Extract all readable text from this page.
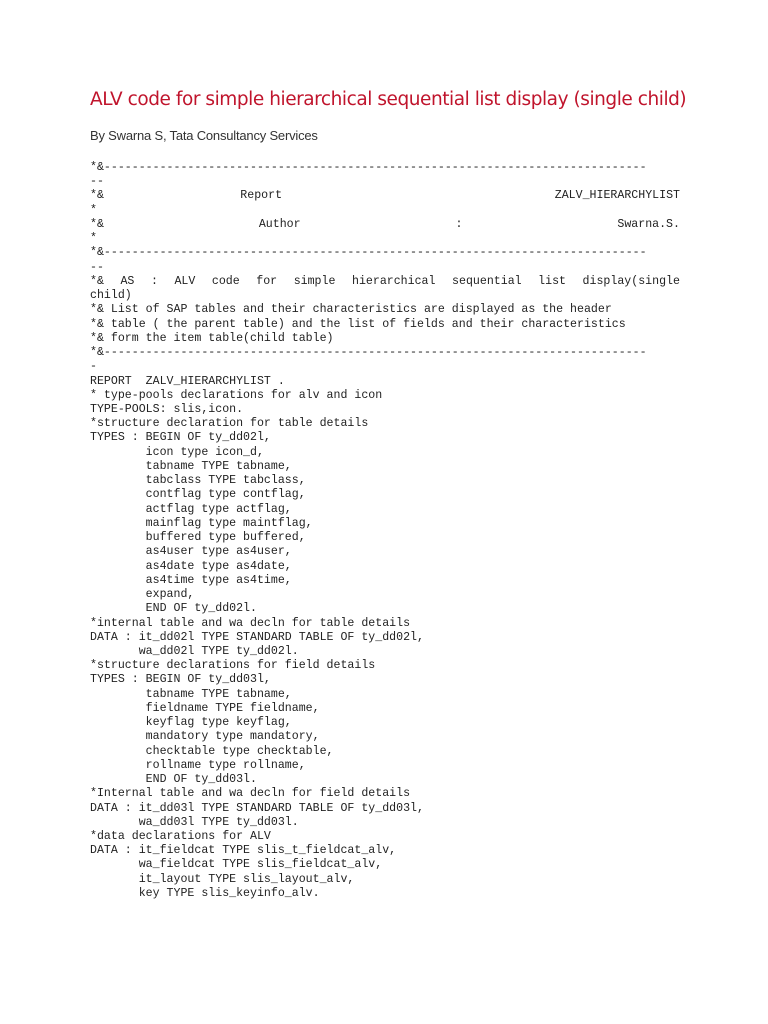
ALV code for simple hierarchical sequential list display (single child)
By Swarna S, Tata Consultancy Services
*&------------------------------------------------------------------------------
--
*&	Report	ZALV_HIERARCHYLIST
*
*&	Author	:	Swarna.S.
*
*&------------------------------------------------------------------------------
--
*& AS : ALV code for simple hierarchical sequential list display(single
child)
*& List of SAP tables and their characteristics are displayed as the header
*& table ( the parent table) and the list of fields and their characteristics
*& form the item table(child table)
*&------------------------------------------------------------------------------
-
REPORT  ZALV_HIERARCHYLIST .
* type-pools declarations for alv and icon
TYPE-POOLS: slis,icon.
*structure declaration for table details
TYPES : BEGIN OF ty_dd02l,
icon type icon_d,
tabname TYPE tabname,
tabclass TYPE tabclass,
contflag type contflag,
actflag type actflag,
mainflag type maintflag,
buffered type buffered,
as4user type as4user,
as4date type as4date,
as4time type as4time,
expand,
END OF ty_dd02l.
*internal table and wa decln for table details
DATA : it_dd02l TYPE STANDARD TABLE OF ty_dd02l,
wa_dd02l TYPE ty_dd02l.
*structure declarations for field details
TYPES : BEGIN OF ty_dd03l,
tabname TYPE tabname,
fieldname TYPE fieldname,
keyflag type keyflag,
mandatory type mandatory,
checktable type checktable,
rollname type rollname,
END OF ty_dd03l.
*Internal table and wa decln for field details
DATA : it_dd03l TYPE STANDARD TABLE OF ty_dd03l,
wa_dd03l TYPE ty_dd03l.
*data declarations for ALV
DATA : it_fieldcat TYPE slis_t_fieldcat_alv,
wa_fieldcat TYPE slis_fieldcat_alv,
it_layout TYPE slis_layout_alv,
key TYPE slis_keyinfo_alv.
